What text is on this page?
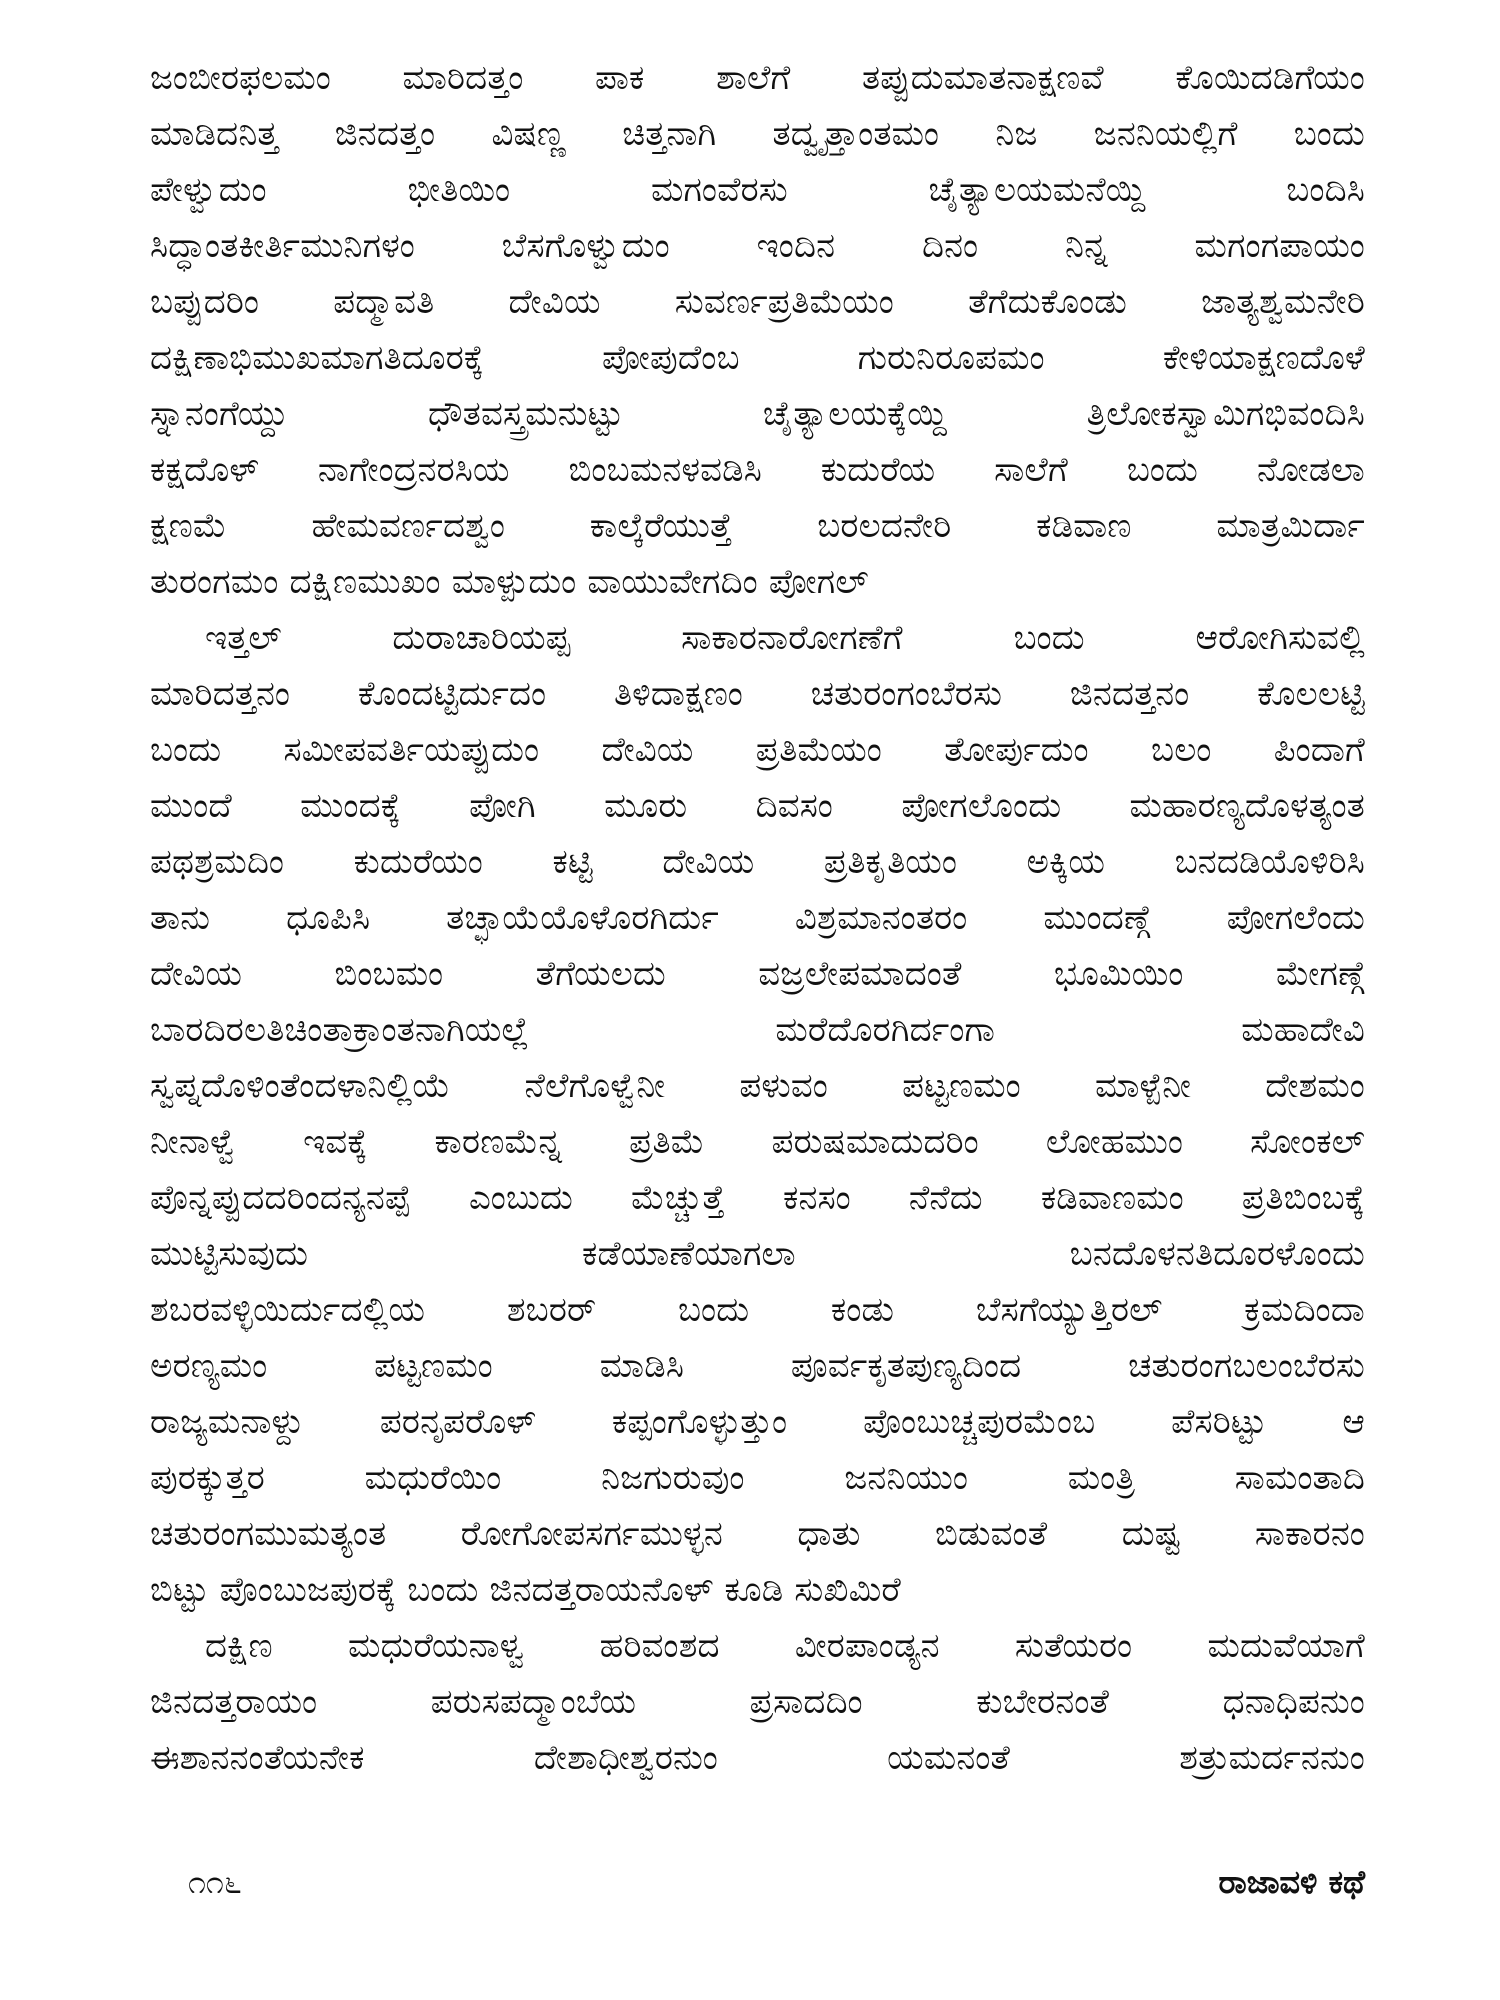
ಜಂಬೀರಫಲಮಂ ಮಾರಿದತ್ತಂ ಪಾಕ ಶಾಲೆಗೆ ತಪ್ಪುದುಮಾತನಾಕ್ಷಣವೆ ಕೊಯಿದಡಿಗೆಯಂ
ಮಾಡಿದನಿತ್ತ ಜಿನದತ್ತಂ ವಿಷಣ್ಣ ಚಿತ್ತನಾಗಿ ತದ್ವೃತ್ತಾಂತಮಂ ನಿಜ ಜನನಿಯಲ್ಲಿಗೆ ಬಂದು
ಪೇಳ್ವುದುಂ ಭೀತಿಯಿಂ ಮಗಂವೆರಸು ಚೈತ್ಯಾಲಯಮನೆಯ್ದಿ ಬಂದಿಸಿ
ಸಿದ್ಧಾಂತಕೀರ್ತಿಮುನಿಗಳಂ ಬೆಸಗೊಳ್ವುದುಂ ಇಂದಿನ ದಿನಂ ನಿನ್ನ ಮಗಂಗಪಾಯಂ
ಬಪ್ಪುದರಿಂ ಪದ್ಮಾವತಿ ದೇವಿಯ ಸುವರ್ಣಪ್ರತಿಮೆಯಂ ತೆಗೆದುಕೊಂಡು ಜಾತ್ಯಶ್ವಮನೇರಿ
ದಕ್ಷಿಣಾಭಿಮುಖಮಾಗತಿದೂರಕ್ಕೆ ಪೋಪುದೆಂಬ ಗುರುನಿರೂಪಮಂ ಕೇಳಿಯಾಕ್ಷಣದೊಳೆ
ಸ್ನಾನಂಗೆಯ್ದು ಧೌತವಸ್ತ್ರಮನುಟ್ಟು ಚೈತ್ಯಾಲಯಕ್ಕೆಯ್ದಿ ತ್ರಿಲೋಕಸ್ವಾಮಿಗಭಿವಂದಿಸಿ
ಕಕ್ಷದೊಳ್ ನಾಗೇಂದ್ರನರಸಿಯ ಬಿಂಬಮನಳವಡಿಸಿ ಕುದುರೆಯ ಸಾಲೆಗೆ ಬಂದು ನೋಡಲಾ
ಕ್ಷಣಮೆ ಹೇಮವರ್ಣದಶ್ವಂ ಕಾಲ್ಕೆರೆಯುತ್ತೆ ಬರಲದನೇರಿ ಕಡಿವಾಣ ಮಾತ್ರಮಿರ್ದಾ
ತುರಂಗಮಂ ದಕ್ಷಿಣಮುಖಂ ಮಾಳ್ಪುದುಂ ವಾಯುವೇಗದಿಂ ಪೋಗಲ್
ಇತ್ತಲ್ ದುರಾಚಾರಿಯಪ್ಪ ಸಾಕಾರನಾರೋಗಣೆಗೆ ಬಂದು ಆರೋಗಿಸುವಲ್ಲಿ
ಮಾರಿದತ್ತನಂ ಕೊಂದಟ್ಟಿರ್ದುದಂ ತಿಳಿದಾಕ್ಷಣಂ ಚತುರಂಗಂಬೆರಸು ಜಿನದತ್ತನಂ ಕೊಲಲಟ್ಟಿ
ಬಂದು ಸಮೀಪವರ್ತಿಯಪ್ಪುದುಂ ದೇವಿಯ ಪ್ರತಿಮೆಯಂ ತೋರ್ಪುದುಂ ಬಲಂ ಪಿಂದಾಗೆ
ಮುಂದೆ ಮುಂದಕ್ಕೆ ಪೋಗಿ ಮೂರು ದಿವಸಂ ಪೋಗಲೊಂದು ಮಹಾರಣ್ಯದೊಳತ್ಯಂತ
ಪಥಶ್ರಮದಿಂ ಕುದುರೆಯಂ ಕಟ್ಟಿ ದೇವಿಯ ಪ್ರತಿಕೃತಿಯಂ ಅಕ್ಕಿಯ ಬನದಡಿಯೊಳಿರಿಸಿ
ತಾನು ಧೂಪಿಸಿ ತಚ್ಛಾಯೆಯೊಳೊರಗಿರ್ದು ವಿಶ್ರಮಾನಂತರಂ ಮುಂದಣ್ಗೆ ಪೋಗಲೆಂದು
ದೇವಿಯ ಬಿಂಬಮಂ ತೆಗೆಯಲದು ವಜ್ರಲೇಪಮಾದಂತೆ ಭೂಮಿಯಿಂ ಮೇಗಣ್ಗೆ
ಬಾರದಿರಲತಿಚಿಂತಾಕ್ರಾಂತನಾಗಿಯಲ್ಲೆ ಮರೆದೊರಗಿರ್ದಂಗಾ ಮಹಾದೇವಿ
ಸ್ವಪ್ನದೊಳಿಂತೆಂದಳಾನಿಲ್ಲಿಯೆ ನೆಲೆಗೊಳ್ವೆನೀ ಪಳುವಂ ಪಟ್ಟಣಮಂ ಮಾಳ್ಪೆನೀ ದೇಶಮಂ
ನೀನಾಳ್ವೆ ಇವಕ್ಕೆ ಕಾರಣಮೆನ್ನ ಪ್ರತಿಮೆ ಪರುಷಮಾದುದರಿಂ ಲೋಹಮುಂ ಸೋಂಕಲ್
ಪೊನ್ನಪ್ಪುದದರಿಂದನ್ಯನಪ್ಪೆ ಎಂಬುದು ಮೆಚ್ಚುತ್ತೆ ಕನಸಂ ನೆನೆದು ಕಡಿವಾಣಮಂ ಪ್ರತಿಬಿಂಬಕ್ಕೆ
ಮುಟ್ಟಿಸುವುದು ಕಡೆಯಾಣೆಯಾಗಲಾ ಬನದೊಳನತಿದೂರಳೊಂದು
ಶಬರವಳ್ಳಿಯಿರ್ದುದಲ್ಲಿಯ ಶಬರರ್ ಬಂದು ಕಂಡು ಬೆಸಗೆಯ್ಯುತ್ತಿರಲ್ ಕ್ರಮದಿಂದಾ
ಅರಣ್ಯಮಂ ಪಟ್ಟಣಮಂ ಮಾಡಿಸಿ ಪೂರ್ವಕೃತಪುಣ್ಯದಿಂದ ಚತುರಂಗಬಲಂಬೆರಸು
ರಾಜ್ಯಮನಾಳ್ದು ಪರನೃಪರೊಳ್ ಕಪ್ಪಂಗೊಳ್ಳುತ್ತುಂ ಪೊಂಬುಚ್ಚಪುರಮೆಂಬ ಪೆಸರಿಟ್ಟು ಆ
ಪುರಕ್ಕುತ್ತರ ಮಧುರೆಯಿಂ ನಿಜಗುರುವುಂ ಜನನಿಯುಂ ಮಂತ್ರಿ ಸಾಮಂತಾದಿ
ಚತುರಂಗಮುಮತ್ಯಂತ ರೋಗೋಪಸರ್ಗಮುಳ್ಳನ ಧಾತು ಬಿಡುವಂತೆ ದುಷ್ಟ ಸಾಕಾರನಂ
ಬಿಟ್ಟು ಪೊಂಬುಜಪುರಕ್ಕೆ ಬಂದು ಜಿನದತ್ತರಾಯನೊಳ್ ಕೂಡಿ ಸುಖಿಮಿರೆ
ದಕ್ಷಿಣ ಮಧುರೆಯನಾಳ್ವ ಹರಿವಂಶದ ವೀರಪಾಂಡ್ಯನ ಸುತೆಯರಂ ಮದುವೆಯಾಗೆ
ಜಿನದತ್ತರಾಯಂ ಪರುಸಪದ್ಮಾಂಬೆಯ ಪ್ರಸಾದದಿಂ ಕುಬೇರನಂತೆ ಧನಾಧಿಪನುಂ
ಈಶಾನನಂತೆಯನೇಕ ದೇಶಾಧೀಶ್ವರನುಂ ಯಮನಂತೆ ಶತ್ರುಮರ್ದನನುಂ
೧೧೬	ರಾಜಾವಳಿ ಕಥೆ
